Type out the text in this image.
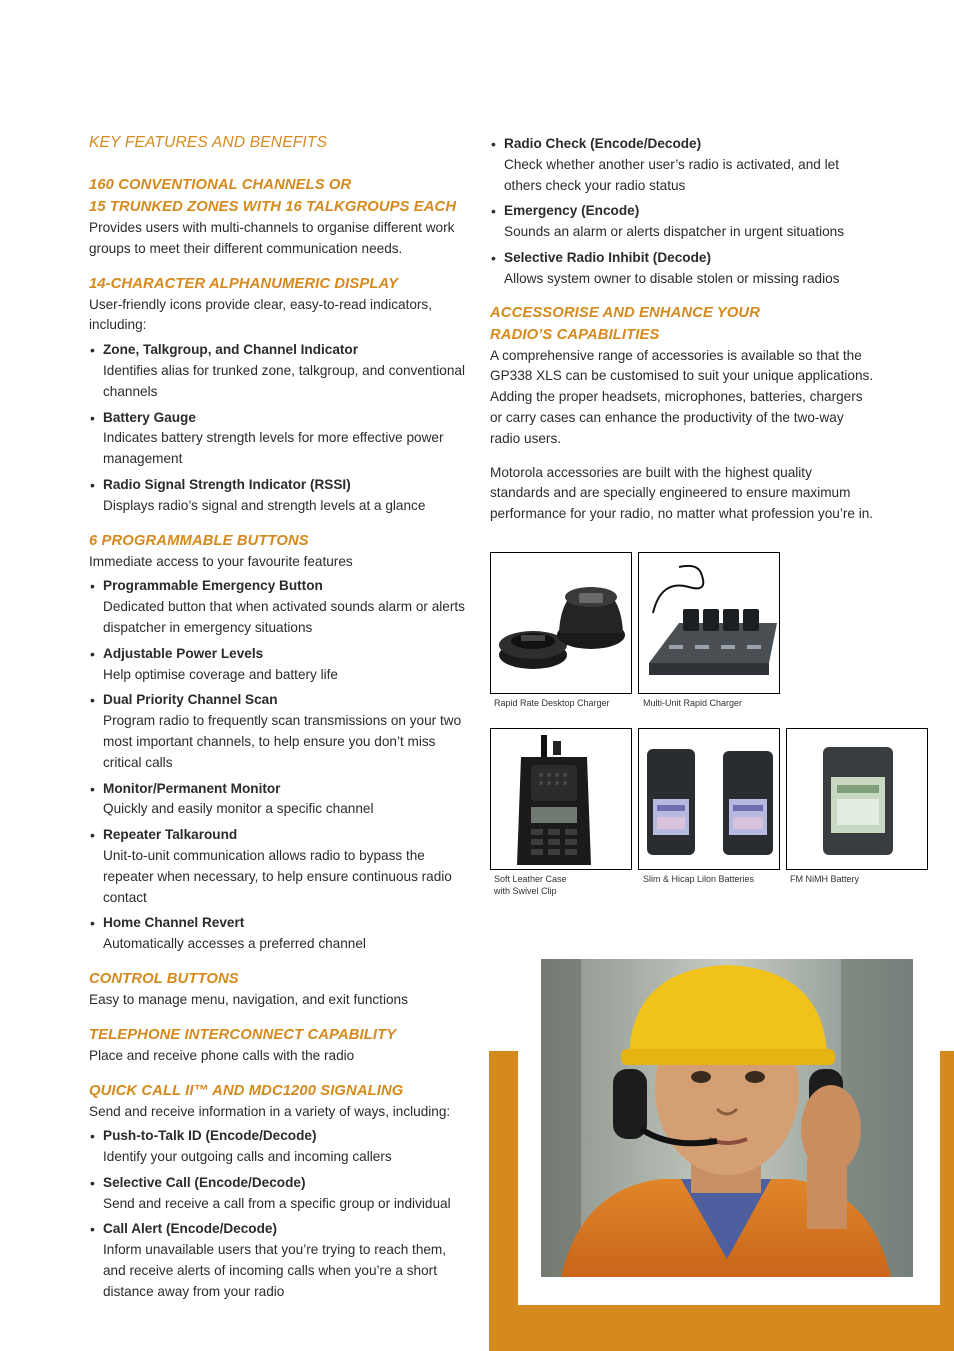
KEY FEATURES AND BENEFITS
160 CONVENTIONAL CHANNELS OR
15 TRUNKED ZONES WITH 16 TALKGROUPS EACH

Provides users with multi-channels to organise different work groups to meet their different communication needs.

14-CHARACTER ALPHANUMERIC DISPLAY

User-friendly icons provide clear, easy-to-read indicators, including:

• Zone, Talkgroup, and Channel Indicator
Identifies alias for trunked zone, talkgroup, and conventional channels
• Battery Gauge
Indicates battery strength levels for more effective power management
• Radio Signal Strength Indicator (RSSI)
Displays radio’s signal and strength levels at a glance
6 PROGRAMMABLE BUTTONS

Immediate access to your favourite features

• Programmable Emergency Button
Dedicated button that when activated sounds alarm or alerts dispatcher in emergency situations
• Adjustable Power Levels
Help optimise coverage and battery life
• Dual Priority Channel Scan
Program radio to frequently scan transmissions on your two most important channels, to help ensure you don’t miss critical calls
• Monitor/Permanent Monitor
Quickly and easily monitor a specific channel
• Repeater Talkaround
Unit-to-unit communication allows radio to bypass the repeater when necessary, to help ensure continuous radio contact
• Home Channel Revert
Automatically accesses a preferred channel
CONTROL BUTTONS

Easy to manage menu, navigation, and exit functions

TELEPHONE INTERCONNECT CAPABILITY

Place and receive phone calls with the radio

QUICK CALL II™ AND MDC1200 SIGNALING

Send and receive information in a variety of ways, including:

• Push-to-Talk ID (Encode/Decode)
Identify your outgoing calls and incoming callers
• Selective Call (Encode/Decode)
Send and receive a call from a specific group or individual
• Call Alert (Encode/Decode)
Inform unavailable users that you’re trying to reach them, and receive alerts of incoming calls when you’re a short distance away from your radio
• Radio Check (Encode/Decode)
Check whether another user’s radio is activated, and let others check your radio status
• Emergency (Encode)
Sounds an alarm or alerts dispatcher in urgent situations
• Selective Radio Inhibit (Decode)
Allows system owner to disable stolen or missing radios
ACCESSORISE AND ENHANCE YOUR
RADIO’S CAPABILITIES

A comprehensive range of accessories is available so that the GP338 XLS can be customised to suit your unique applications. Adding the proper headsets, microphones, batteries, chargers or carry cases can enhance the productivity of the two-way radio users.

Motorola accessories are built with the highest quality standards and are specially engineered to ensure maximum performance for your radio, no matter what profession you’re in.

Rapid Rate Desktop Charger	Multi-Unit Rapid Charger
Soft Leather Case
with Swivel Clip
Slim & Hicap Lilon Batteries	FM NiMH Battery
